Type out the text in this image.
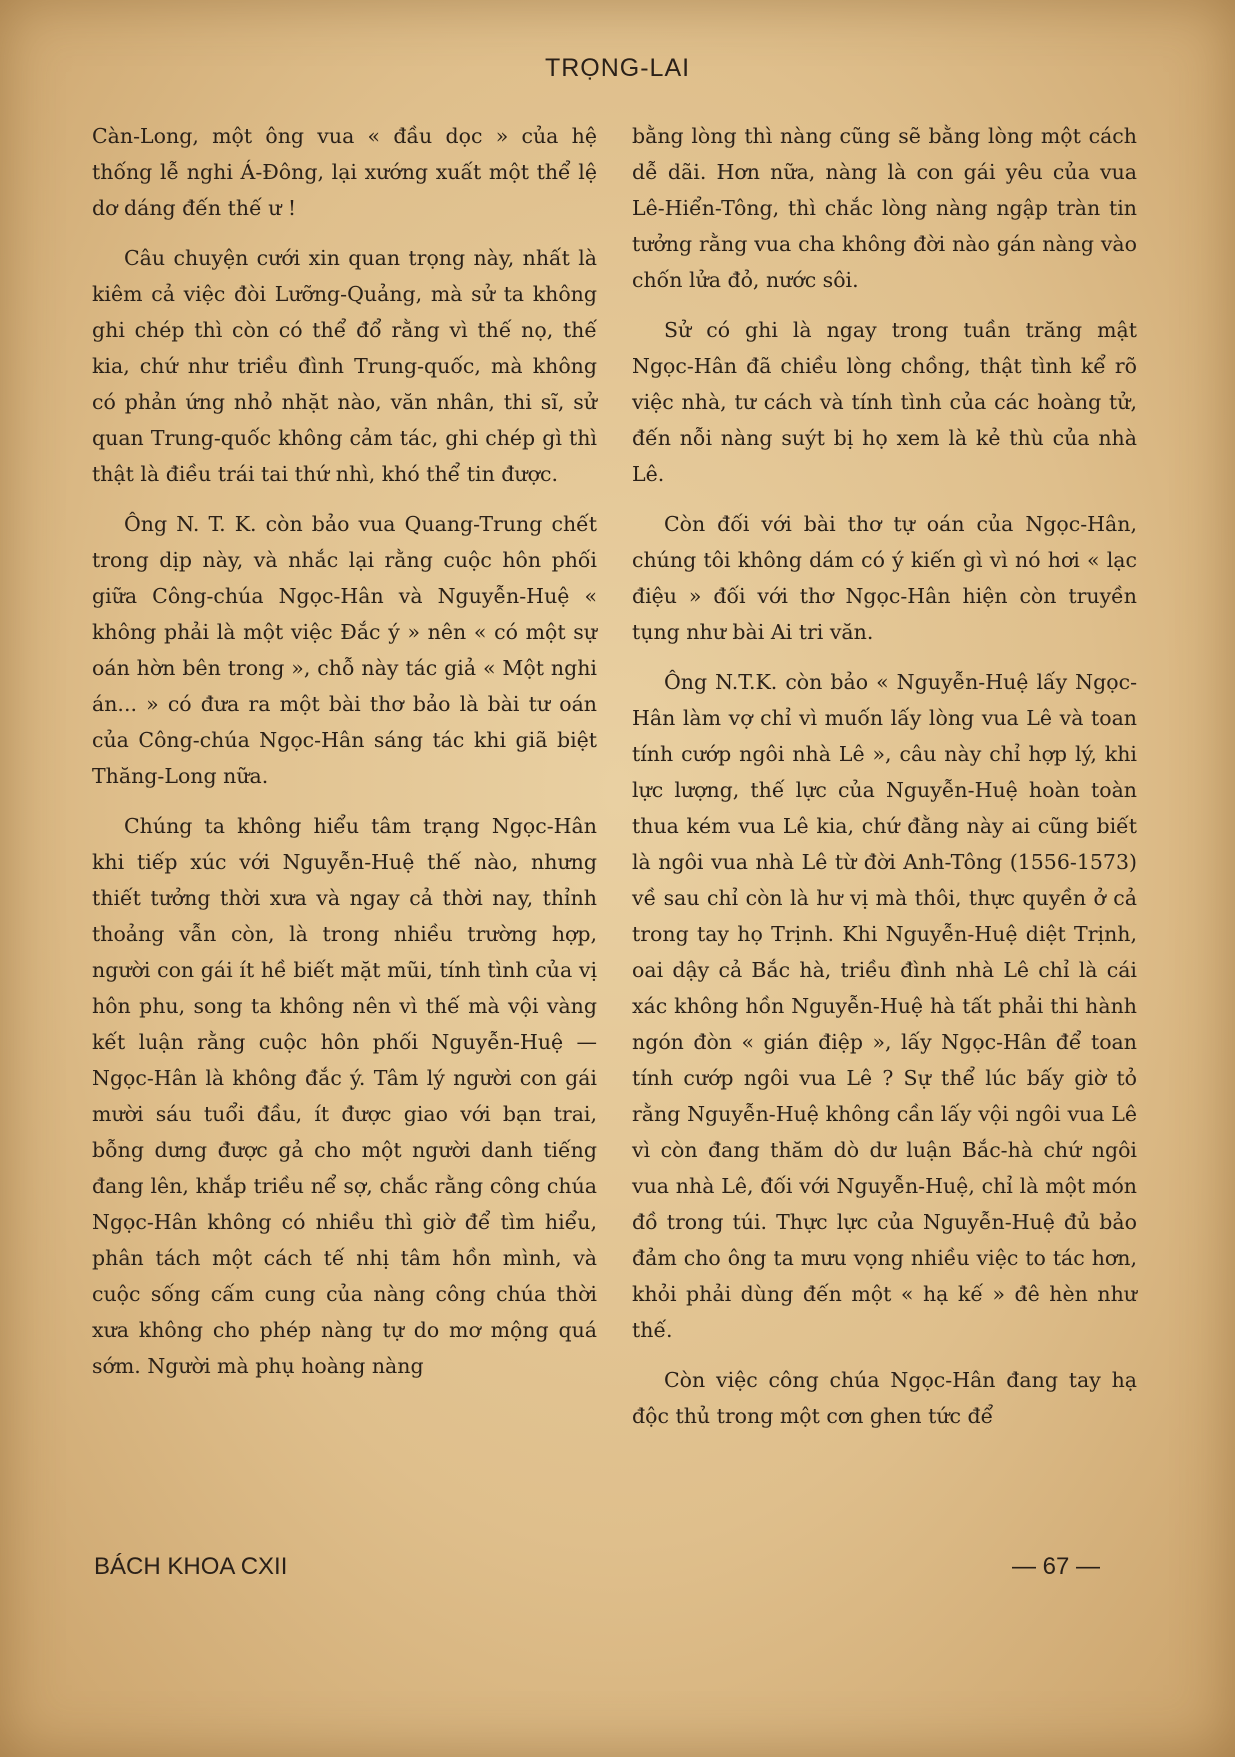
TRỌNG-LAI

Càn-Long, một ông vua « đầu dọc » của hệ thống lễ nghi Á-Đông, lại xướng xuất một thể lệ dơ dáng đến thế ư !

Câu chuyện cưới xin quan trọng này, nhất là kiêm cả việc đòi Lưỡng-Quảng, mà sử ta không ghi chép thì còn có thể đổ rằng vì thế nọ, thế kia, chứ như triều đình Trung-quốc, mà không có phản ứng nhỏ nhặt nào, văn nhân, thi sĩ, sử quan Trung-quốc không cảm tác, ghi chép gì thì thật là điều trái tai thứ nhì, khó thể tin được.

Ông N. T. K. còn bảo vua Quang-Trung chết trong dịp này, và nhắc lại rằng cuộc hôn phối giữa Công-chúa Ngọc-Hân và Nguyễn-Huệ « không phải là một việc Đắc ý » nên « có một sự oán hờn bên trong », chỗ này tác giả « Một nghi án... » có đưa ra một bài thơ bảo là bài tư oán của Công-chúa Ngọc-Hân sáng tác khi giã biệt Thăng-Long nữa.

Chúng ta không hiểu tâm trạng Ngọc-Hân khi tiếp xúc với Nguyễn-Huệ thế nào, nhưng thiết tưởng thời xưa và ngay cả thời nay, thỉnh thoảng vẫn còn, là trong nhiều trường hợp, người con gái ít hề biết mặt mũi, tính tình của vị hôn phu, song ta không nên vì thế mà vội vàng kết luận rằng cuộc hôn phối Nguyễn-Huệ — Ngọc-Hân là không đắc ý. Tâm lý người con gái mười sáu tuổi đầu, ít được giao với bạn trai, bỗng dưng được gả cho một người danh tiếng đang lên, khắp triều nể sợ, chắc rằng công chúa Ngọc-Hân không có nhiều thì giờ để tìm hiểu, phân tách một cách tế nhị tâm hồn mình, và cuộc sống cấm cung của nàng công chúa thời xưa không cho phép nàng tự do mơ mộng quá sớm. Người mà phụ hoàng nàng

bằng lòng thì nàng cũng sẽ bằng lòng một cách dễ dãi. Hơn nữa, nàng là con gái yêu của vua Lê-Hiển-Tông, thì chắc lòng nàng ngập tràn tin tưởng rằng vua cha không đời nào gán nàng vào chốn lửa đỏ, nước sôi.

Sử có ghi là ngay trong tuần trăng mật Ngọc-Hân đã chiều lòng chồng, thật tình kể rõ việc nhà, tư cách và tính tình của các hoàng tử, đến nỗi nàng suýt bị họ xem là kẻ thù của nhà Lê.

Còn đối với bài thơ tự oán của Ngọc-Hân, chúng tôi không dám có ý kiến gì vì nó hơi « lạc điệu » đối với thơ Ngọc-Hân hiện còn truyền tụng như bài Ai tri văn.

Ông N.T.K. còn bảo « Nguyễn-Huệ lấy Ngọc-Hân làm vợ chỉ vì muốn lấy lòng vua Lê và toan tính cướp ngôi nhà Lê », câu này chỉ hợp lý, khi lực lượng, thế lực của Nguyễn-Huệ hoàn toàn thua kém vua Lê kia, chứ đằng này ai cũng biết là ngôi vua nhà Lê từ đời Anh-Tông (1556-1573) về sau chỉ còn là hư vị mà thôi, thực quyền ở cả trong tay họ Trịnh. Khi Nguyễn-Huệ diệt Trịnh, oai dậy cả Bắc hà, triều đình nhà Lê chỉ là cái xác không hồn Nguyễn-Huệ hà tất phải thi hành ngón đòn « gián điệp », lấy Ngọc-Hân để toan tính cướp ngôi vua Lê ? Sự thể lúc bấy giờ tỏ rằng Nguyễn-Huệ không cần lấy vội ngôi vua Lê vì còn đang thăm dò dư luận Bắc-hà chứ ngôi vua nhà Lê, đối với Nguyễn-Huệ, chỉ là một món đồ trong túi. Thực lực của Nguyễn-Huệ đủ bảo đảm cho ông ta mưu vọng nhiều việc to tác hơn, khỏi phải dùng đến một « hạ kế » đê hèn như thế.

Còn việc công chúa Ngọc-Hân đang tay hạ độc thủ trong một cơn ghen tức để

BÁCH KHOA CXII	— 67 —
